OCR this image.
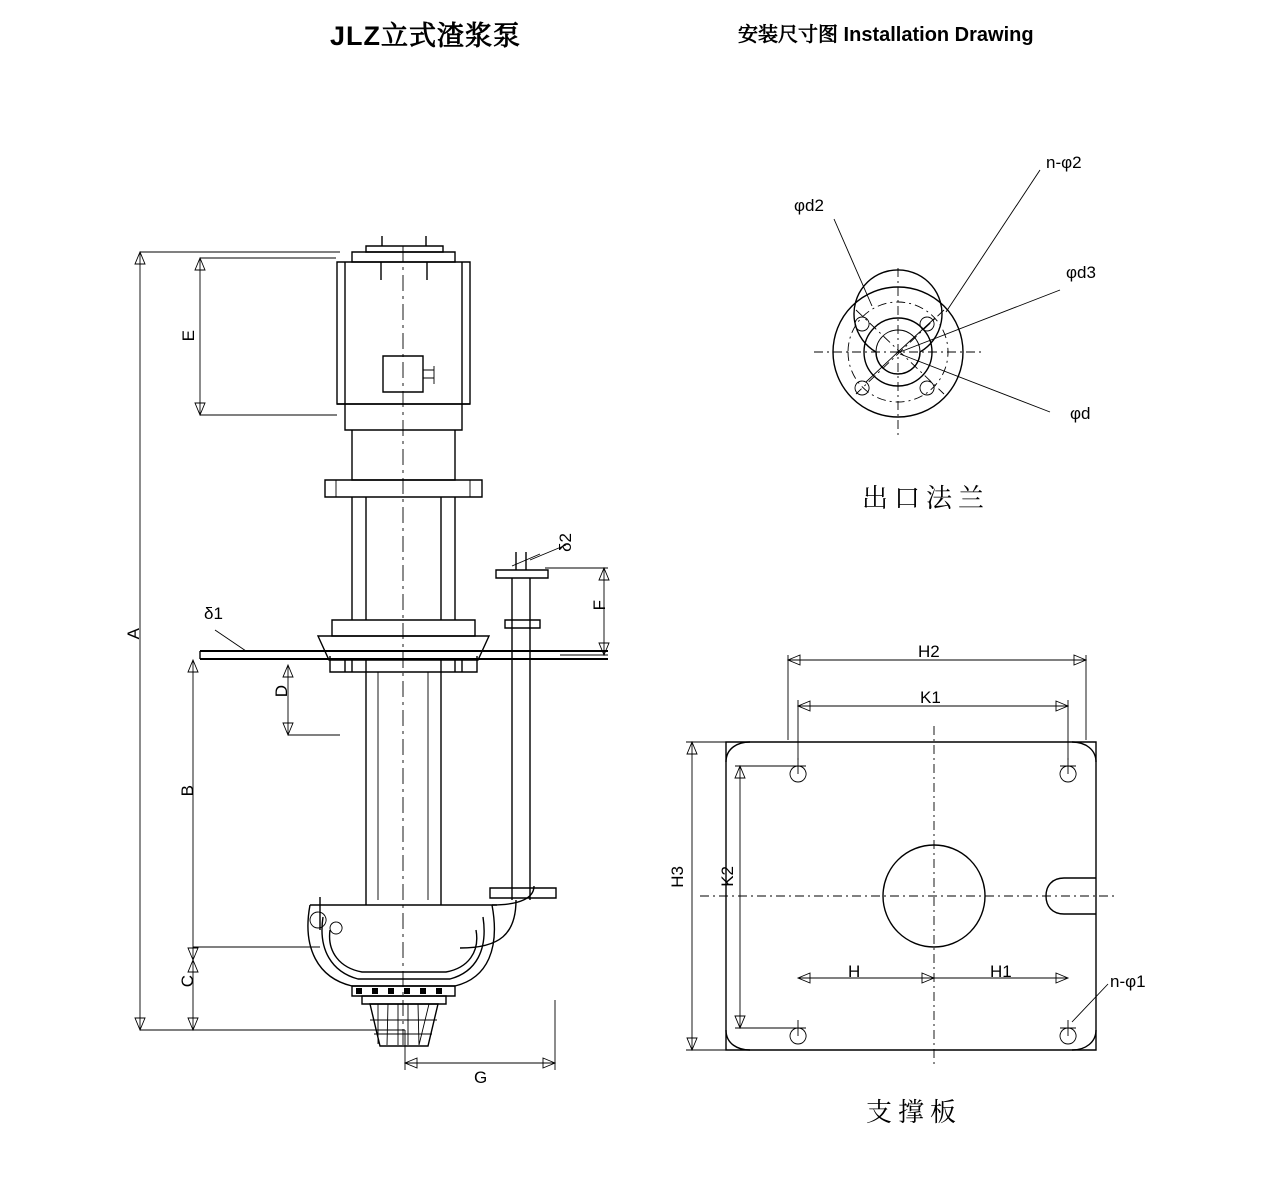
JLZ立式渣浆泵	安装尺寸图 Installation Drawing
A
E
B
C
D
F
G
δ1
δ2
n-φ2
φd2
φd3
φd
H2
K1
H3 K2
H	H1
n-φ1
出口法兰
支撑板
